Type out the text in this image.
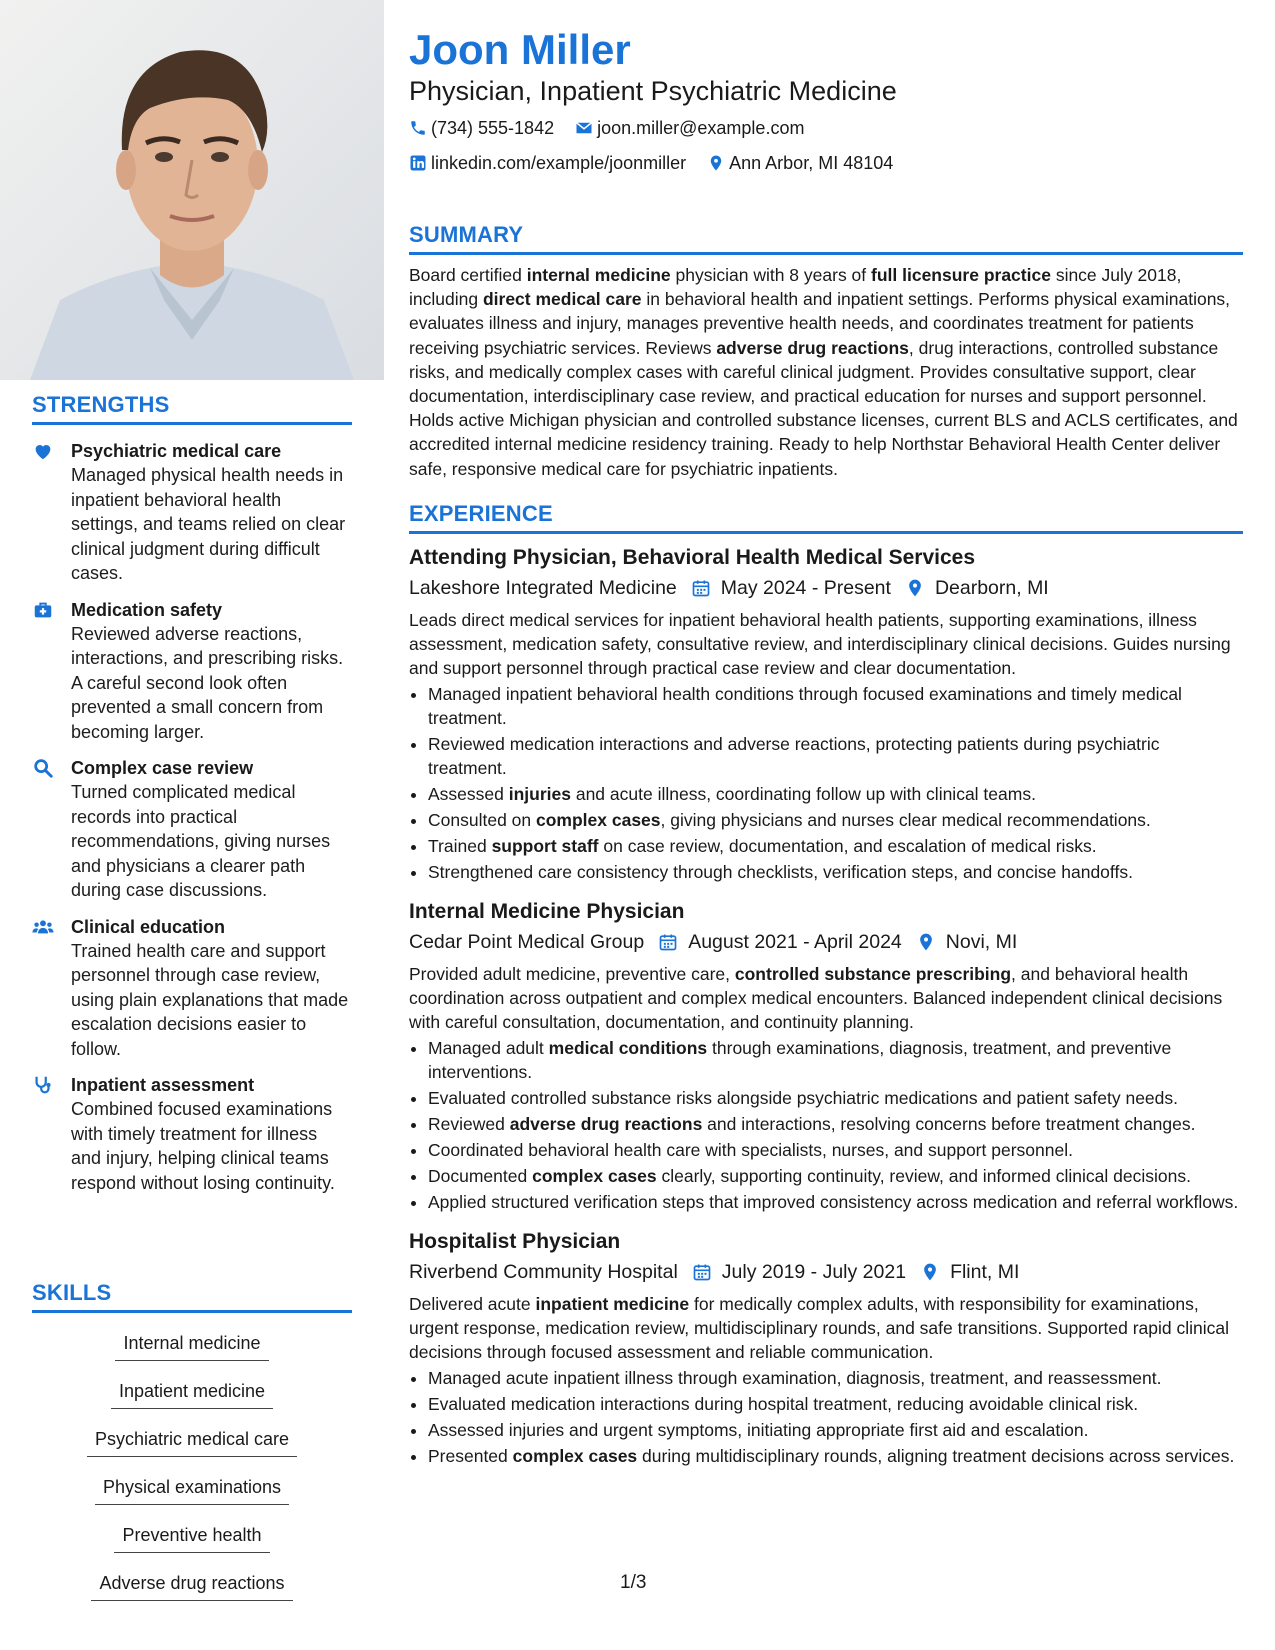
STRENGTHS
Psychiatric medical care
Managed physical health needs in inpatient behavioral health settings, and teams relied on clear clinical judgment during difficult cases.
Medication safety
Reviewed adverse reactions, interactions, and prescribing risks. A careful second look often prevented a small concern from becoming larger.
Complex case review
Turned complicated medical records into practical recommendations, giving nurses and physicians a clearer path during case discussions.
Clinical education
Trained health care and support personnel through case review, using plain explanations that made escalation decisions easier to follow.
Inpatient assessment
Combined focused examinations with timely treatment for illness and injury, helping clinical teams respond without losing continuity.
SKILLS
Internal medicine
Inpatient medicine
Psychiatric medical care
Physical examinations
Preventive health
Adverse drug reactions
Joon Miller
Physician, Inpatient Psychiatric Medicine
(734) 555-1842
joon.miller@example.com
linkedin.com/example/joonmiller
Ann Arbor, MI 48104
SUMMARY
Board certified internal medicine physician with 8 years of full licensure practice since July 2018, including direct medical care in behavioral health and inpatient settings. Performs physical examinations, evaluates illness and injury, manages preventive health needs, and coordinates treatment for patients receiving psychiatric services. Reviews adverse drug reactions, drug interactions, controlled substance risks, and medically complex cases with careful clinical judgment. Provides consultative support, clear documentation, interdisciplinary case review, and practical education for nurses and support personnel. Holds active Michigan physician and controlled substance licenses, current BLS and ACLS certificates, and accredited internal medicine residency training. Ready to help Northstar Behavioral Health Center deliver safe, responsive medical care for psychiatric inpatients.
EXPERIENCE
Attending Physician, Behavioral Health Medical Services
Lakeshore Integrated Medicine May 2024 - Present Dearborn, MI
Leads direct medical services for inpatient behavioral health patients, supporting examinations, illness assessment, medication safety, consultative review, and interdisciplinary clinical decisions. Guides nursing and support personnel through practical case review and clear documentation.
• Managed inpatient behavioral health conditions through focused examinations and timely medical treatment.
• Reviewed medication interactions and adverse reactions, protecting patients during psychiatric treatment.
• Assessed injuries and acute illness, coordinating follow up with clinical teams.
• Consulted on complex cases, giving physicians and nurses clear medical recommendations.
• Trained support staff on case review, documentation, and escalation of medical risks.
• Strengthened care consistency through checklists, verification steps, and concise handoffs.
Internal Medicine Physician
Cedar Point Medical Group August 2021 - April 2024 Novi, MI
Provided adult medicine, preventive care, controlled substance prescribing, and behavioral health coordination across outpatient and complex medical encounters. Balanced independent clinical decisions with careful consultation, documentation, and continuity planning.
• Managed adult medical conditions through examinations, diagnosis, treatment, and preventive interventions.
• Evaluated controlled substance risks alongside psychiatric medications and patient safety needs.
• Reviewed adverse drug reactions and interactions, resolving concerns before treatment changes.
• Coordinated behavioral health care with specialists, nurses, and support personnel.
• Documented complex cases clearly, supporting continuity, review, and informed clinical decisions.
• Applied structured verification steps that improved consistency across medication and referral workflows.
Hospitalist Physician
Riverbend Community Hospital July 2019 - July 2021 Flint, MI
Delivered acute inpatient medicine for medically complex adults, with responsibility for examinations, urgent response, medication review, multidisciplinary rounds, and safe transitions. Supported rapid clinical decisions through focused assessment and reliable communication.
• Managed acute inpatient illness through examination, diagnosis, treatment, and reassessment.
• Evaluated medication interactions during hospital treatment, reducing avoidable clinical risk.
• Assessed injuries and urgent symptoms, initiating appropriate first aid and escalation.
• Presented complex cases during multidisciplinary rounds, aligning treatment decisions across services.
1/3
